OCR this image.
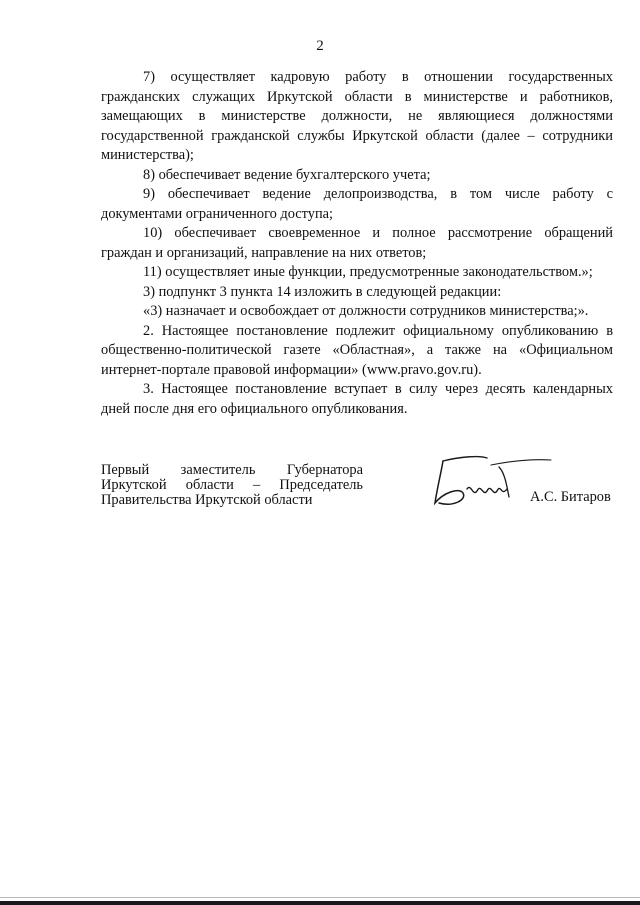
2

7) осуществляет кадровую работу в отношении государственных гражданских служащих Иркутской области в министерстве и работников, замещающих в министерстве должности, не являющиеся должностями государственной гражданской службы Иркутской области (далее – сотрудники министерства);

8) обеспечивает ведение бухгалтерского учета;

9) обеспечивает ведение делопроизводства, в том числе работу с документами ограниченного доступа;

10) обеспечивает своевременное и полное рассмотрение обращений граждан и организаций, направление на них ответов;

11) осуществляет иные функции, предусмотренные законодательством.»;

3) подпункт 3 пункта 14 изложить в следующей редакции:

«3) назначает и освобождает от должности сотрудников министерства;».

2. Настоящее постановление подлежит официальному опубликованию в общественно-политической газете «Областная», а также на «Официальном интернет-портале правовой информации» (www.pravo.gov.ru).

3. Настоящее постановление вступает в силу через десять календарных дней после дня его официального опубликования.

Первый заместитель Губернатора
Иркутской области – Председатель
Правительства Иркутской области	А.С. Битаров
